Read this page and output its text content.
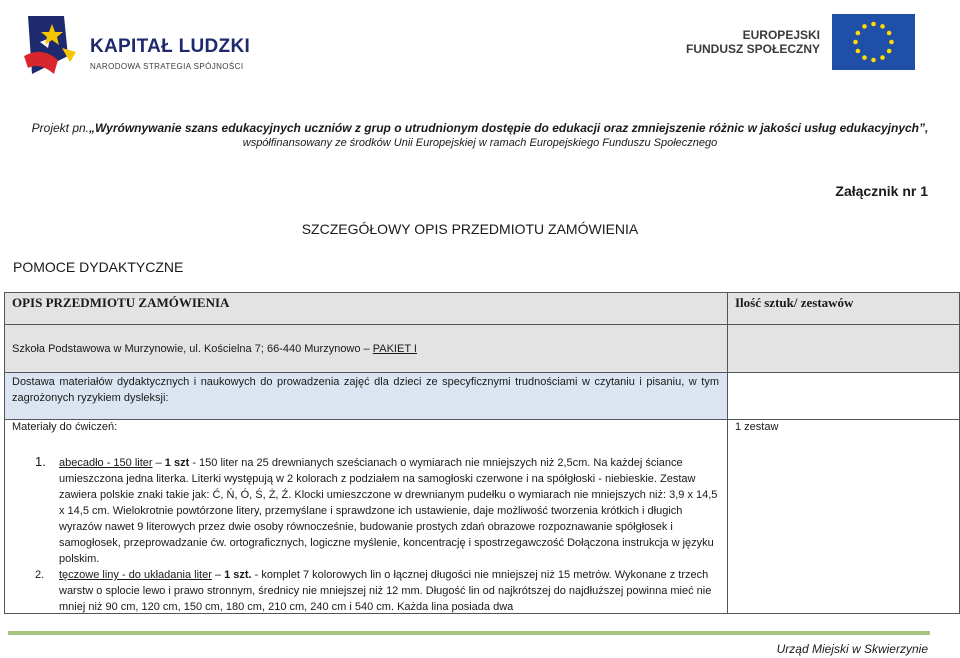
KAPITAŁ LUDZKI
NARODOWA STRATEGIA SPÓJNOŚCI
EUROPEJSKI
FUNDUSZ SPOŁECZNY
Projekt pn.„Wyrównywanie szans edukacyjnych uczniów z grup o utrudnionym dostępie do edukacji oraz zmniejszenie różnic w jakości usług edukacyjnych”,
współfinansowany ze środków Unii Europejskiej w ramach Europejskiego Funduszu Społecznego
Załącznik nr 1
SZCZEGÓŁOWY OPIS PRZEDMIOTU ZAMÓWIENIA
POMOCE DYDAKTYCZNE
OPIS PRZEDMIOTU ZAMÓWIENIA	Ilość sztuk/ zestawów
Szkoła Podstawowa w Murzynowie, ul. Kościelna 7; 66-440 Murzynowo – PAKIET I
Dostawa materiałów dydaktycznych i naukowych do prowadzenia zajęć dla dzieci ze specyficznymi trudnościami w czytaniu i pisaniu, w tym zagrożonych ryzykiem dysleksji:
Materiały do ćwiczeń:	1 zestaw
1. abecadło - 150 liter – 1 szt - 150 liter na 25 drewnianych sześcianach o wymiarach nie mniejszych niż 2,5cm. Na każdej ściance umieszczona jedna literka. Literki występują w 2 kolorach z podziałem na samogłoski czerwone i na spółgłoski - niebieskie. Zestaw zawiera polskie znaki takie jak: Ć, Ń, Ó, Ś, Ż, Ź. Klocki umieszczone w drewnianym pudełku o wymiarach nie mniejszych niż: 3,9 x 14,5 x 14,5 cm. Wielokrotnie powtórzone litery, przemyślane i sprawdzone ich ustawienie, daje możliwość tworzenia krótkich i długich wyrazów nawet 9 literowych przez dwie osoby równocześnie, budowanie prostych zdań obrazowe rozpoznawanie spółgłosek i samogłosek, przeprowadzanie ćw. ortograficznych, logiczne myślenie, koncentrację i spostrzegawczość Dołączona instrukcja w języku polskim.
2. tęczowe liny - do układania liter – 1 szt. - komplet 7 kolorowych lin o łącznej długości nie mniejszej niż 15 metrów. Wykonane z trzech warstw o splocie lewo i prawo stronnym, średnicy nie mniejszej niż 12 mm. Długość lin od najkrótszej do najdłuższej powinna mieć nie mniej niż 90 cm, 120 cm, 150 cm, 180 cm, 210 cm, 240 cm i 540 cm. Każda lina posiada dwa
Urząd Miejski w Skwierzynie
